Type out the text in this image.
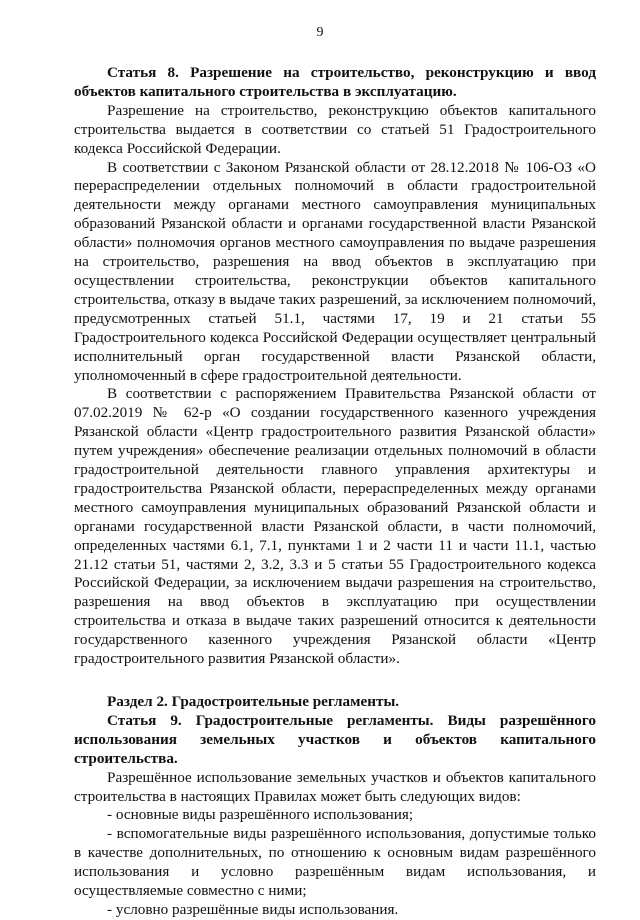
9

Статья 8. Разрешение на строительство, реконструкцию и ввод объектов капитального строительства в эксплуатацию.

Разрешение на строительство, реконструкцию объектов капитального строительства выдается в соответствии со статьей 51 Градостроительного кодекса Российской Федерации.

В соответствии с Законом Рязанской области от 28.12.2018 № 106-ОЗ «О перераспределении отдельных полномочий в области градостроительной деятельности между органами местного самоуправления муниципальных образований Рязанской области и органами государственной власти Рязанской области» полномочия органов местного самоуправления по выдаче разрешения на строительство, разрешения на ввод объектов в эксплуатацию при осуществлении строительства, реконструкции объектов капитального строительства, отказу в выдаче таких разрешений, за исключением полномочий, предусмотренных статьей 51.1, частями 17, 19 и 21 статьи 55 Градостроительного кодекса Российской Федерации осуществляет центральный исполнительный орган государственной власти Рязанской области, уполномоченный в сфере градостроительной деятельности.

В соответствии с распоряжением Правительства Рязанской области от 07.02.2019 № 62-р «О создании государственного казенного учреждения Рязанской области «Центр градостроительного развития Рязанской области» путем учреждения» обеспечение реализации отдельных полномочий в области градостроительной деятельности главного управления архитектуры и градостроительства Рязанской области, перераспределенных между органами местного самоуправления муниципальных образований Рязанской области и органами государственной власти Рязанской области, в части полномочий, определенных частями 6.1, 7.1, пунктами 1 и 2 части 11 и части 11.1, частью 21.12 статьи 51, частями 2, 3.2, 3.3 и 5 статьи 55 Градостроительного кодекса Российской Федерации, за исключением выдачи разрешения на строительство, разрешения на ввод объектов в эксплуатацию при осуществлении строительства и отказа в выдаче таких разрешений относится к деятельности государственного казенного учреждения Рязанской области «Центр градостроительного развития Рязанской области».

Раздел 2. Градостроительные регламенты.

Статья 9. Градостроительные регламенты. Виды разрешённого использования земельных участков и объектов капитального строительства.

Разрешённое использование земельных участков и объектов капитального строительства в настоящих Правилах может быть следующих видов:

- основные виды разрешённого использования;

- вспомогательные виды разрешённого использования, допустимые только в качестве дополнительных, по отношению к основным видам разрешённого использования и условно разрешённым видам использования, и осуществляемые совместно с ними;

- условно разрешённые виды использования.
